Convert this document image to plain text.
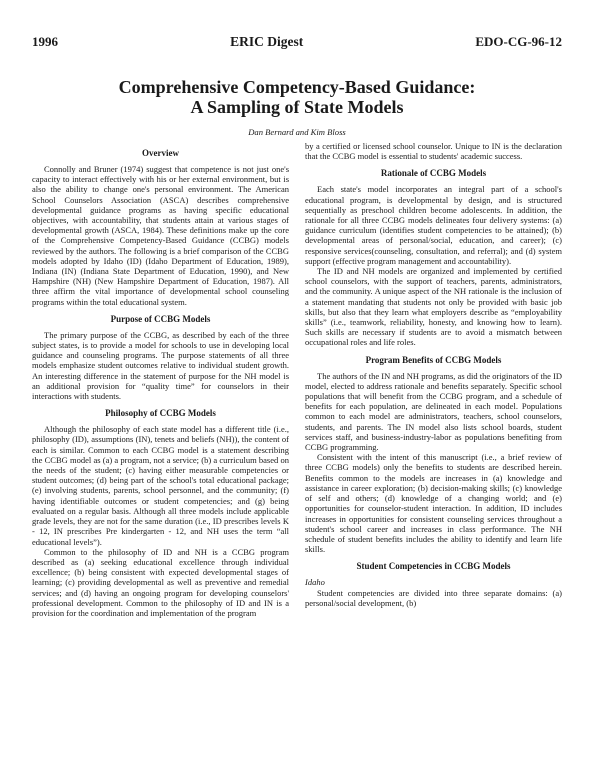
1996	ERIC Digest	EDO-CG-96-12
Comprehensive Competency-Based Guidance:
A Sampling of State Models
Dan Bernard and Kim Bloss
Overview

Connolly and Bruner (1974) suggest that competence is not just one's capacity to interact effectively with his or her external environment, but is also the ability to change one's personal environment. The American School Counselors Association (ASCA) describes comprehensive developmental guidance programs as having specific educational objectives, with accountability, that students attain at various stages of developmental growth (ASCA, 1984). These definitions make up the core of the Comprehensive Competency-Based Guidance (CCBG) models reviewed by the authors. The following is a brief comparison of the CCBG models adopted by Idaho (ID) (Idaho Department of Education, 1989), Indiana (IN) (Indiana State Department of Education, 1990), and New Hampshire (NH) (New Hampshire Department of Education, 1987). All three affirm the vital importance of developmental school counseling programs within the total educational system.

Purpose of CCBG Models

The primary purpose of the CCBG, as described by each of the three subject states, is to provide a model for schools to use in developing local guidance and counseling programs. The purpose statements of all three models emphasize student outcomes relative to individual student growth. An interesting difference in the statement of purpose for the NH model is an additional provision for “quality time” for counselors in their interactions with students.

Philosophy of CCBG Models

Although the philosophy of each state model has a different title (i.e., philosophy (ID), assumptions (IN), tenets and beliefs (NH)), the content of each is similar. Common to each CCBG model is a statement describing the CCBG model as (a) a program, not a service; (b) a curriculum based on the needs of the student; (c) having either measurable competencies or student outcomes; (d) being part of the school's total educational package; (e) involving students, parents, school personnel, and the community; (f) having identifiable outcomes or student competencies; and (g) being evaluated on a regular basis. Although all three models include applicable grade levels, they are not for the same duration (i.e., ID prescribes levels K - 12, IN prescribes Pre kindergarten - 12, and NH uses the term “all educational levels”).

Common to the philosophy of ID and NH is a CCBG program described as (a) seeking educational excellence through individual excellence; (b) being consistent with expected developmental stages of learning; (c) providing developmental as well as preventive and remedial services; and (d) having an ongoing program for developing counselors' professional development. Common to the philosophy of ID and IN is a provision for the coordination and implementation of the program

by a certified or licensed school counselor. Unique to IN is the declaration that the CCBG model is essential to students' academic success.

Rationale of CCBG Models

Each state's model incorporates an integral part of a school's educational program, is developmental by design, and is structured sequentially as preschool children become adolescents. In addition, the rationale for all three CCBG models delineates four delivery systems: (a) guidance curriculum (identifies student competencies to be attained); (b) developmental areas of personal/social, education, and career); (c) responsive services(counseling, consultation, and referral); and (d) system support (effective program management and accountability).

The ID and NH models are organized and implemented by certified school counselors, with the support of teachers, parents, administrators, and the community. A unique aspect of the NH rationale is the inclusion of a statement mandating that students not only be provided with basic job skills, but also that they learn what employers describe as “employability skills” (i.e., teamwork, reliability, honesty, and knowing how to learn). Such skills are necessary if students are to avoid a mismatch between occupational roles and life roles.

Program Benefits of CCBG Models

The authors of the IN and NH programs, as did the originators of the ID model, elected to address rationale and benefits separately. Specific school populations that will benefit from the CCBG program, and a schedule of benefits for each population, are delineated in each model. Populations common to each model are administrators, teachers, school counselors, students, and parents. The IN model also lists school boards, student services staff, and business-industry-labor as populations benefiting from CCBG programming.

Consistent with the intent of this manuscript (i.e., a brief review of three CCBG models) only the benefits to students are described herein. Benefits common to the models are increases in (a) knowledge and assistance in career exploration; (b) decision-making skills; (c) knowledge of self and others; (d) knowledge of a changing world; and (e) opportunities for counselor-student interaction. In addition, ID includes increases in opportunities for consistent counseling services throughout a student's school career and increases in class performance. The NH schedule of student benefits includes the ability to identify and learn life skills.

Student Competencies in CCBG Models
Idaho

Student competencies are divided into three separate domains: (a) personal/social development, (b)
